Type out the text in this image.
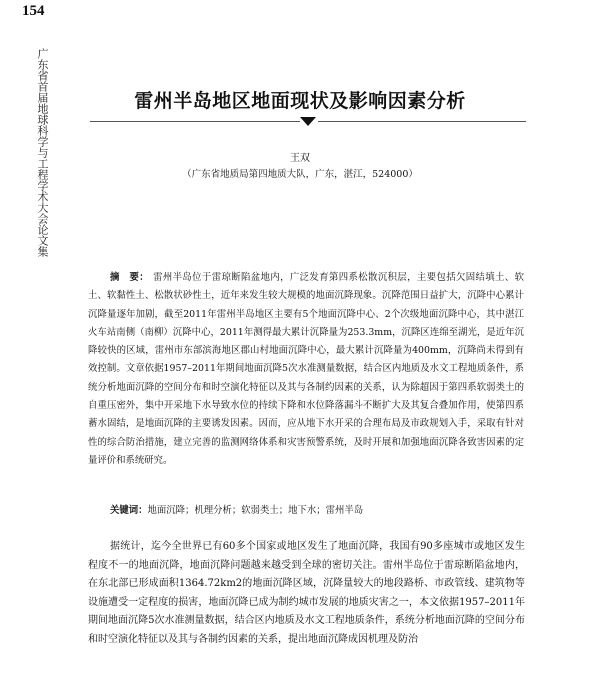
154
广东省首届地球科学与工程学术大会论文集	雷州半岛地区地面现状及影响因素分析
王双
（广东省地质局第四地质大队，广东，湛江，524000）

摘　要： 雷州半岛位于雷琼断陷盆地内，广泛发育第四系松散沉积层，主要包括欠固结填土、软土、软黏性土、松散状砂性土，近年来发生较大规模的地面沉降现象。沉降范围日益扩大，沉降中心累计沉降量逐年加剧，截至2011年雷州半岛地区主要有5个地面沉降中心、2个次级地面沉降中心，其中湛江火车站南侧（南柳）沉降中心，2011年测得最大累计沉降量为253.3mm，沉降区连绵至湖光，是近年沉降较快的区域，雷州市东部滨海地区郡山村地面沉降中心，最大累计沉降量为400mm，沉降尚未得到有效控制。文章依据1957–2011年期间地面沉降5次水准测量数据，结合区内地质及水文工程地质条件，系统分析地面沉降的空间分布和时空演化特征以及其与各制约因素的关系，认为除超因于第四系软弱类土的自重压密外，集中开采地下水导致水位的持续下降和水位降落漏斗不断扩大及其复合叠加作用，使第四系蓄水固结，是地面沉降的主要诱发因素。因而，应从地下水开采的合理布局及市政规划入手，采取有针对性的综合防治措施，建立完善的监测网络体系和灾害预警系统，及时开展和加强地面沉降各致害因素的定量评价和系统研究。

关键词：地面沉降；机理分析；软弱类土；地下水；雷州半岛

据统计，迄今全世界已有60多个国家或地区发生了地面沉降，我国有90多座城市或地区发生程度不一的地面沉降，地面沉降问题越来越受到全球的密切关注。雷州半岛位于雷琼断陷盆地内，在东北部已形成面积1364.72km2的地面沉降区域，沉降量较大的地段路桥、市政管线、建筑物等设施遭受一定程度的损害，地面沉降已成为制约城市发展的地质灾害之一，本文依据1957–2011年期间地面沉降5次水准测量数据，结合区内地质及水文工程地质条件，系统分析地面沉降的空间分布和时空演化特征以及其与各制约因素的关系，提出地面沉降成因机理及防治
